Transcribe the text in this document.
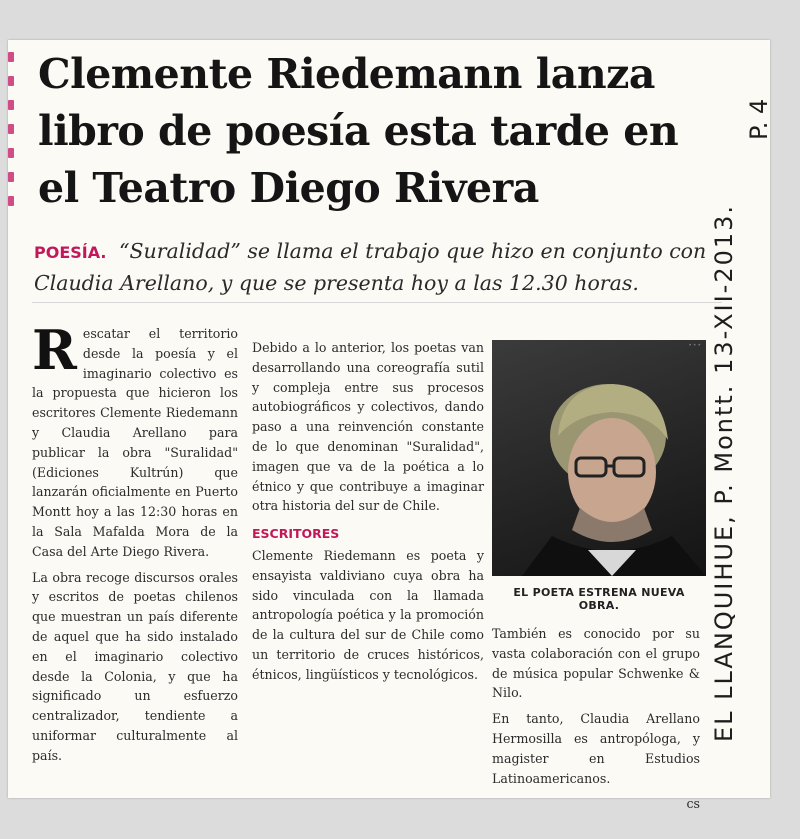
Clemente Riedemann lanza
libro de poesía esta tarde en
el Teatro Diego Rivera
POESÍA. “Suralidad” se llama el trabajo que hizo en conjunto con Claudia Arellano, y que se presenta hoy a las 12.30 horas.

R escatar el territorio desde la poesía y el imaginario colectivo es la propuesta que hicieron los escritores Clemente Riedemann y Claudia Arellano para publicar la obra "Suralidad" (Ediciones Kultrún) que lanzarán oficialmente en Puerto Montt hoy a las 12:30 horas en la Sala Mafalda Mora de la Casa del Arte Diego Rivera.

La obra recoge discursos orales y escritos de poetas chilenos que muestran un país diferente de aquel que ha sido instalado en el imaginario colectivo desde la Colonia, y que ha significado un esfuerzo centralizador, tendiente a uniformar culturalmente al país.

Debido a lo anterior, los poetas van desarrollando una coreografía sutil y compleja entre sus procesos autobiográficos y colectivos, dando paso a una reinvención constante de lo que denominan "Suralidad", imagen que va de la poética a lo étnico y que contribuye a imaginar otra historia del sur de Chile.

ESCRITORES

Clemente Riedemann es poeta y ensayista valdiviano cuya obra ha sido vinculada con la llamada antropología poética y la promoción de la cultura del sur de Chile como un territorio de cruces históricos, étnicos, lingüísticos y tecnológicos.

•••
EL POETA ESTRENA NUEVA OBRA.

También es conocido por su vasta colaboración con el grupo de música popular Schwenke & Nilo.

En tanto, Claudia Arellano Hermosilla es antropóloga, y magister en Estudios Latinoamericanos.

cs
EL LLANQUIHUE, P. Montt. 13-XII-2013.
P. 4
